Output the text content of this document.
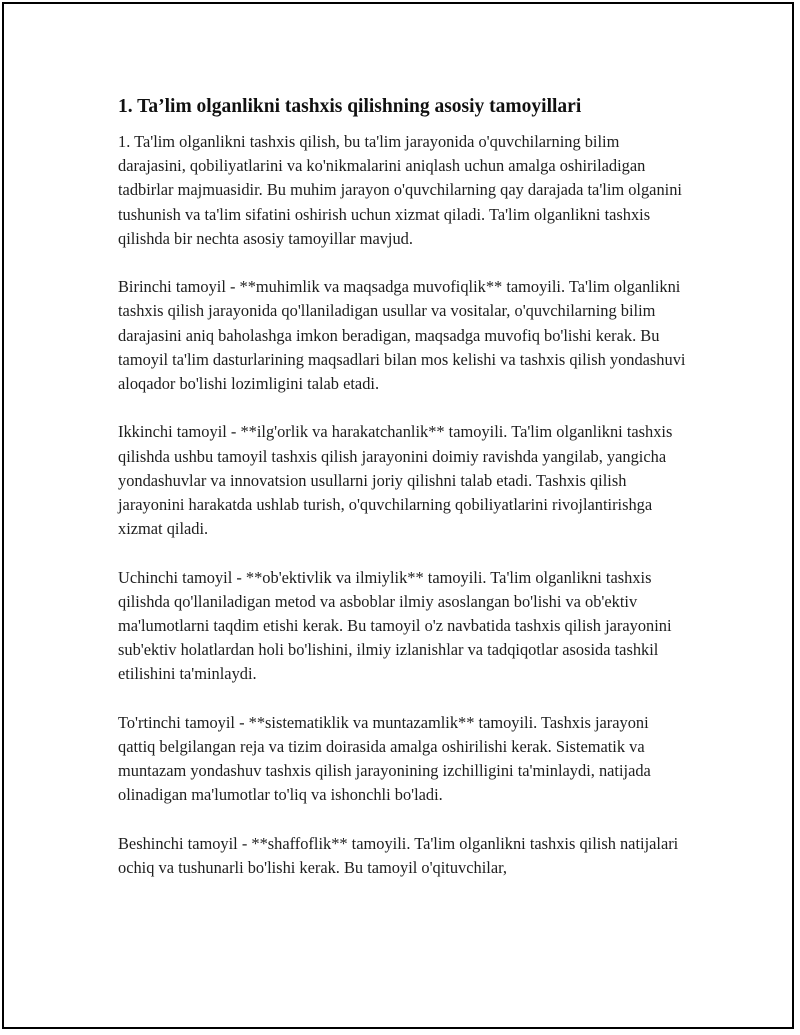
1. Ta’lim olganlikni tashxis qilishning asosiy tamoyillari

1. Ta'lim olganlikni tashxis qilish, bu ta'lim jarayonida o'quvchilarning bilim darajasini, qobiliyatlarini va ko'nikmalarini aniqlash uchun amalga oshiriladigan tadbirlar majmuasidir. Bu muhim jarayon o'quvchilarning qay darajada ta'lim olganini tushunish va ta'lim sifatini oshirish uchun xizmat qiladi. Ta'lim olganlikni tashxis qilishda bir nechta asosiy tamoyillar mavjud.

Birinchi tamoyil - **muhimlik va maqsadga muvofiqlik** tamoyili. Ta'lim olganlikni tashxis qilish jarayonida qo'llaniladigan usullar va vositalar, o'quvchilarning bilim darajasini aniq baholashga imkon beradigan, maqsadga muvofiq bo'lishi kerak. Bu tamoyil ta'lim dasturlarining maqsadlari bilan mos kelishi va tashxis qilish yondashuvi aloqador bo'lishi lozimligini talab etadi.

Ikkinchi tamoyil - **ilg'orlik va harakatchanlik** tamoyili. Ta'lim olganlikni tashxis qilishda ushbu tamoyil tashxis qilish jarayonini doimiy ravishda yangilab, yangicha yondashuvlar va innovatsion usullarni joriy qilishni talab etadi. Tashxis qilish jarayonini harakatda ushlab turish, o'quvchilarning qobiliyatlarini rivojlantirishga xizmat qiladi.

Uchinchi tamoyil - **ob'ektivlik va ilmiylik** tamoyili. Ta'lim olganlikni tashxis qilishda qo'llaniladigan metod va asboblar ilmiy asoslangan bo'lishi va ob'ektiv ma'lumotlarni taqdim etishi kerak. Bu tamoyil o'z navbatida tashxis qilish jarayonini sub'ektiv holatlardan holi bo'lishini, ilmiy izlanishlar va tadqiqotlar asosida tashkil etilishini ta'minlaydi.

To'rtinchi tamoyil - **sistematiklik va muntazamlik** tamoyili. Tashxis jarayoni qattiq belgilangan reja va tizim doirasida amalga oshirilishi kerak. Sistematik va muntazam yondashuv tashxis qilish jarayonining izchilligini ta'minlaydi, natijada olinadigan ma'lumotlar to'liq va ishonchli bo'ladi.

Beshinchi tamoyil - **shaffoflik** tamoyili. Ta'lim olganlikni tashxis qilish natijalari ochiq va tushunarli bo'lishi kerak. Bu tamoyil o'qituvchilar,
